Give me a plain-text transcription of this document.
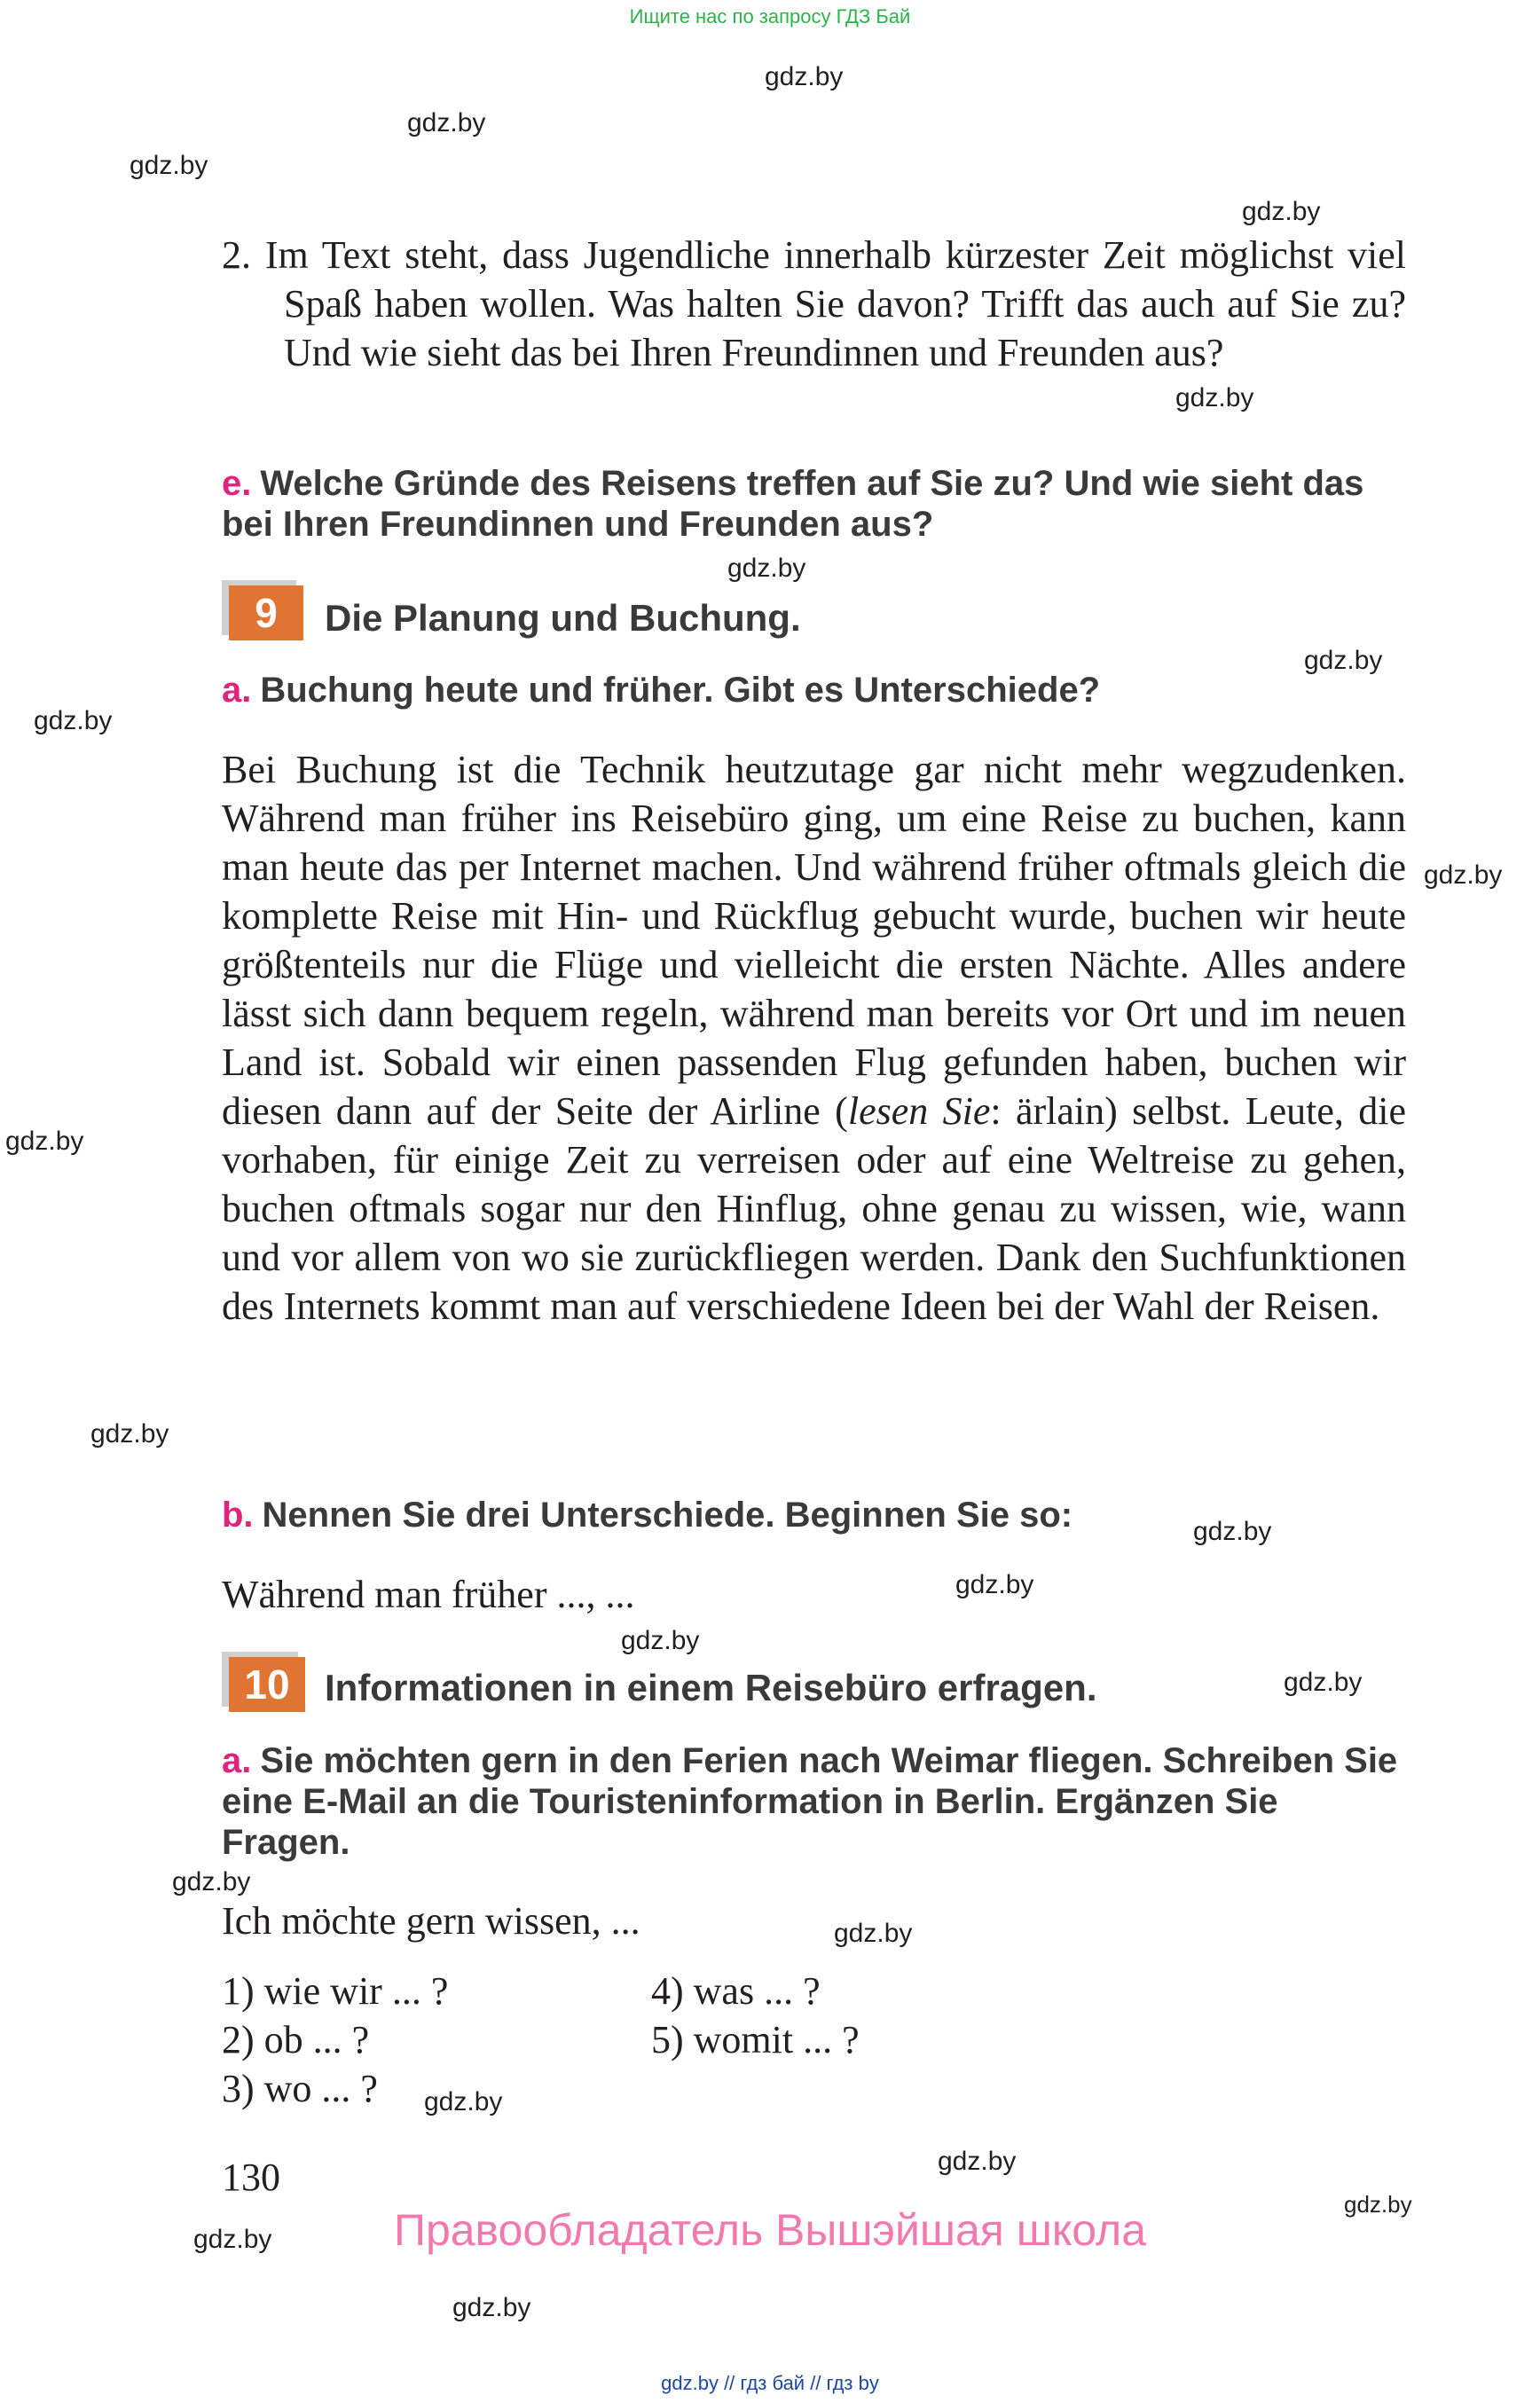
Ищите нас по запросу ГДЗ Бай
gdz.by
gdz.by
gdz.by
gdz.by
gdz.by
gdz.by
gdz.by
gdz.by
gdz.by
gdz.by
gdz.by
gdz.by
gdz.by
gdz.by
gdz.by
gdz.by
gdz.by
gdz.by
gdz.by
gdz.by
gdz.by
gdz.by
2. Im Text steht, dass Jugendliche innerhalb kürzester Zeit möglichst viel Spaß haben wollen. Was halten Sie davon? Trifft das auch auf Sie zu? Und wie sieht das bei Ihren Freundinnen und Freunden aus?
e. Welche Gründe des Reisens treffen auf Sie zu? Und wie sieht das bei Ihren Freundinnen und Freunden aus?
9	Die Planung und Buchung.
a. Buchung heute und früher. Gibt es Unterschiede?
Bei Buchung ist die Technik heutzutage gar nicht mehr wegzudenken. Während man früher ins Reisebüro ging, um eine Reise zu buchen, kann man heute das per Internet machen. Und während früher oftmals gleich die komplette Reise mit Hin- und Rückflug gebucht wurde, buchen wir heute größtenteils nur die Flüge und vielleicht die ersten Nächte. Alles andere lässt sich dann bequem regeln, während man bereits vor Ort und im neuen Land ist. Sobald wir einen passenden Flug gefunden haben, buchen wir diesen dann auf der Seite der Airline (lesen Sie: ärlain) selbst. Leute, die vorhaben, für einige Zeit zu verreisen oder auf eine Weltreise zu gehen, buchen oftmals sogar nur den Hinflug, ohne genau zu wissen, wie, wann und vor allem von wo sie zurückfliegen werden. Dank den Suchfunktionen des Internets kommt man auf verschiedene Ideen bei der Wahl der Reisen.
b. Nennen Sie drei Unterschiede. Beginnen Sie so:
Während man früher ..., ...
10 Informationen in einem Reisebüro erfragen.
a. Sie möchten gern in den Ferien nach Weimar fliegen. Schreiben Sie eine E-Mail an die Touristeninformation in Berlin. Ergänzen Sie Fragen.
Ich möchte gern wissen, ...
1) wie wir ... ?
2) ob ... ?
3) wo ... ?
4) was ... ?
5) womit ... ?
130
Правообладатель Вышэйшая школа
gdz.by // гдз бай // гдз by
